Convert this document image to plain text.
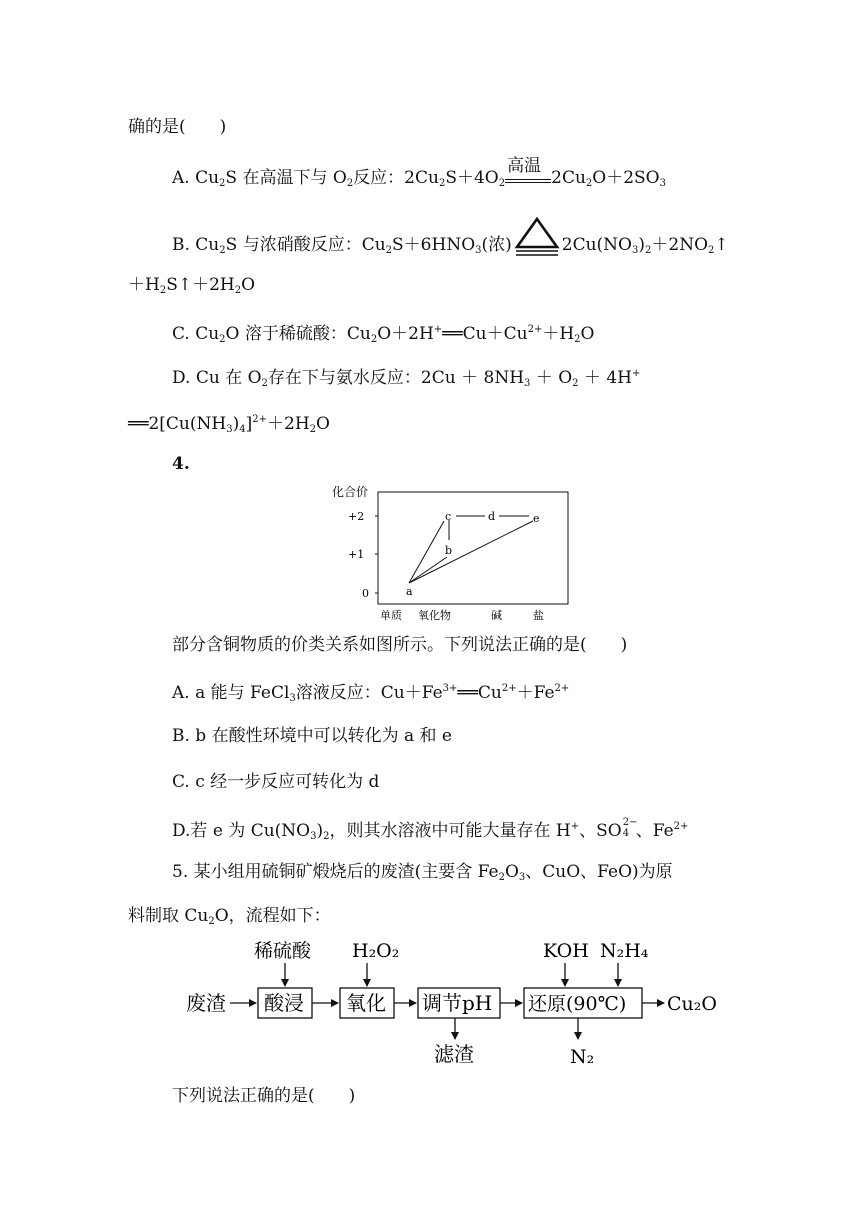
确的是(　　)
A. $Cu_2S$ 在高温下与 $O_2$反应：$2Cu_2S+4O_2$
高温
$2Cu_2O+2SO_3$
B. $Cu_2S$ 与浓硝酸反应：$Cu_2S+6HNO_3$(浓)	$2Cu(NO_3)_2+2NO_2↑$
$+H_2S↑+2H_2O$
C. $Cu_2O$ 溶于稀硫酸：$Cu_2O+2H^+══Cu+Cu^{2+}+H_2O$
D. Cu 在 $O_2$存在下与氨水反应：$2Cu + 8NH_3 + O_2 + 4H^+$
$══2[Cu(NH_3)_4]^{2+}+2H_2O$
4.
化合价
+2
+1
0	a
b
c	d	e
单质 氧化物	碱	盐
部分含铜物质的价类关系如图所示。下列说法正确的是(　　)
A. a 能与 FeCl$_3$溶液反应：$Cu+Fe^{3+}══Cu^{2+}+Fe^{2+}$
B. b 在酸性环境中可以转化为 a 和 e
C. c 经一步反应可转化为 d
D.若 e 为 $Cu(NO_3)_2$，则其水溶液中可能大量存在 H+、SO 2−
4 、$Fe^{2+}$
5. 某小组用硫铜矿煅烧后的废渣(主要含 $Fe_2O_3$、CuO、FeO)为原
料制取 $Cu_2O$，流程如下：
废渣 酸浸 氧化 调节pH 还原(90℃) Cu₂O
稀硫酸 H₂O₂	KOH N₂H₄
滤渣	N₂
下列说法正确的是(　　)
